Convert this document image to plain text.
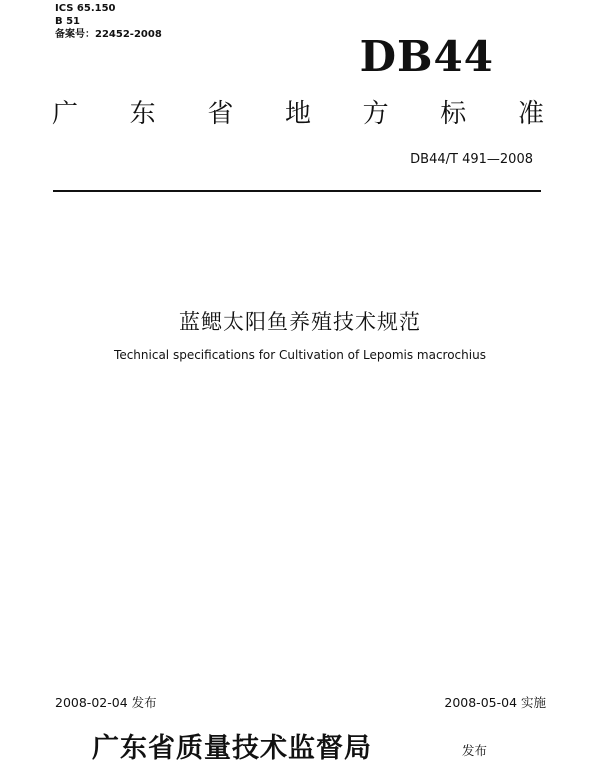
ICS 65.150
B 51
备案号：22452-2008	DB44
广 东 省 地 方 标 准
DB44/T 491—2008
蓝鳃太阳鱼养殖技术规范
Technical specifications for Cultivation of Lepomis macrochius
2008-02-04 发布	2008-05-04 实施
广东省质量技术监督局	发布
